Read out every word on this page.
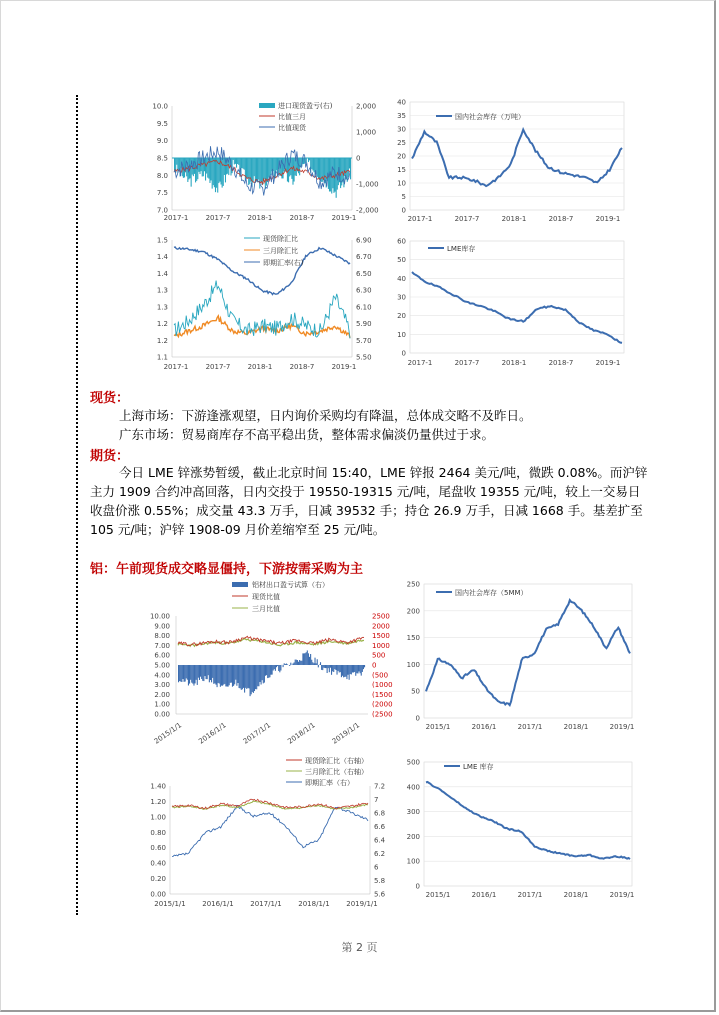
10.0
9.5
9.0
8.5
8.0
7.5
7.0
2,000
1,000
0
-1,000
-2,000
2017-1 2017-7 2018-1 2018-7 2019-1
进口现货盈亏(右)
比值三月
比值现货
40
35
30
25
20
15
10
5
0
2017-1	2017-7	2018-1	2018-7	2019-1
国内社会库存（万吨）
1.5
1.4
1.4
1.3
1.3
1.2
1.2
1.1
6.90
6.70
6.50
6.30
6.10
5.90
5.70
5.50
2017-1 2017-7 2018-1 2018-7 2019-1
现货除汇比
三月除汇比
即期汇率(右)
60
50
40
30
20
10
0
2017-1	2017-7	2018-1	2018-7	2019-1
LME库存
现货：
上海市场：下游逢涨观望，日内询价采购均有降温，总体成交略不及昨日。
广东市场：贸易商库存不高平稳出货，整体需求偏淡仍量供过于求。
期货：
今日 LME 锌涨势暂缓，截止北京时间 15:40，LME 锌报 2464 美元/吨，微跌 0.08%。而沪锌
主力 1909 合约冲高回落，日内交投于 19550-19315 元/吨，尾盘收 19355 元/吨，较上一交易日
收盘价涨 0.55%；成交量 43.3 万手，日减 39532 手；持仓 26.9 万手，日减 1668 手。基差扩至
105 元/吨；沪锌 1908-09 月价差缩窄至 25 元/吨。
铝：午前现货成交略显僵持，下游按需采购为主
10.00
9.00
8.00
7.00
6.00
5.00
4.00
3.00
2.00
1.00
0.00
2500
2000
1500
1000
500
0
(500
(1000
(1500
(2000
(2500
2015/1/1 2016/1/1 2017/1/1 2018/1/1 2019/1/1
铝材出口盈亏试算（右）
现货比值
三月比值
250
200
150
100
50
0
2015/1	2016/1	2017/1	2018/1	2019/1
国内社会库存（5MM）
1.40
1.20
1.00
0.80
0.60
0.40
0.20
0.00
7.2
7
6.8
6.6
6.4
6.2
6
5.8
5.6
2015/1/1 2016/1/1 2017/1/1 2018/1/1 2019/1/1
现货除汇比（右轴）
三月除汇比（右轴）
即期汇率（右）
500
400
300
200
100
0
2015/1	2016/1	2017/1	2018/1	2019/1
LME 库存
第 2 页
